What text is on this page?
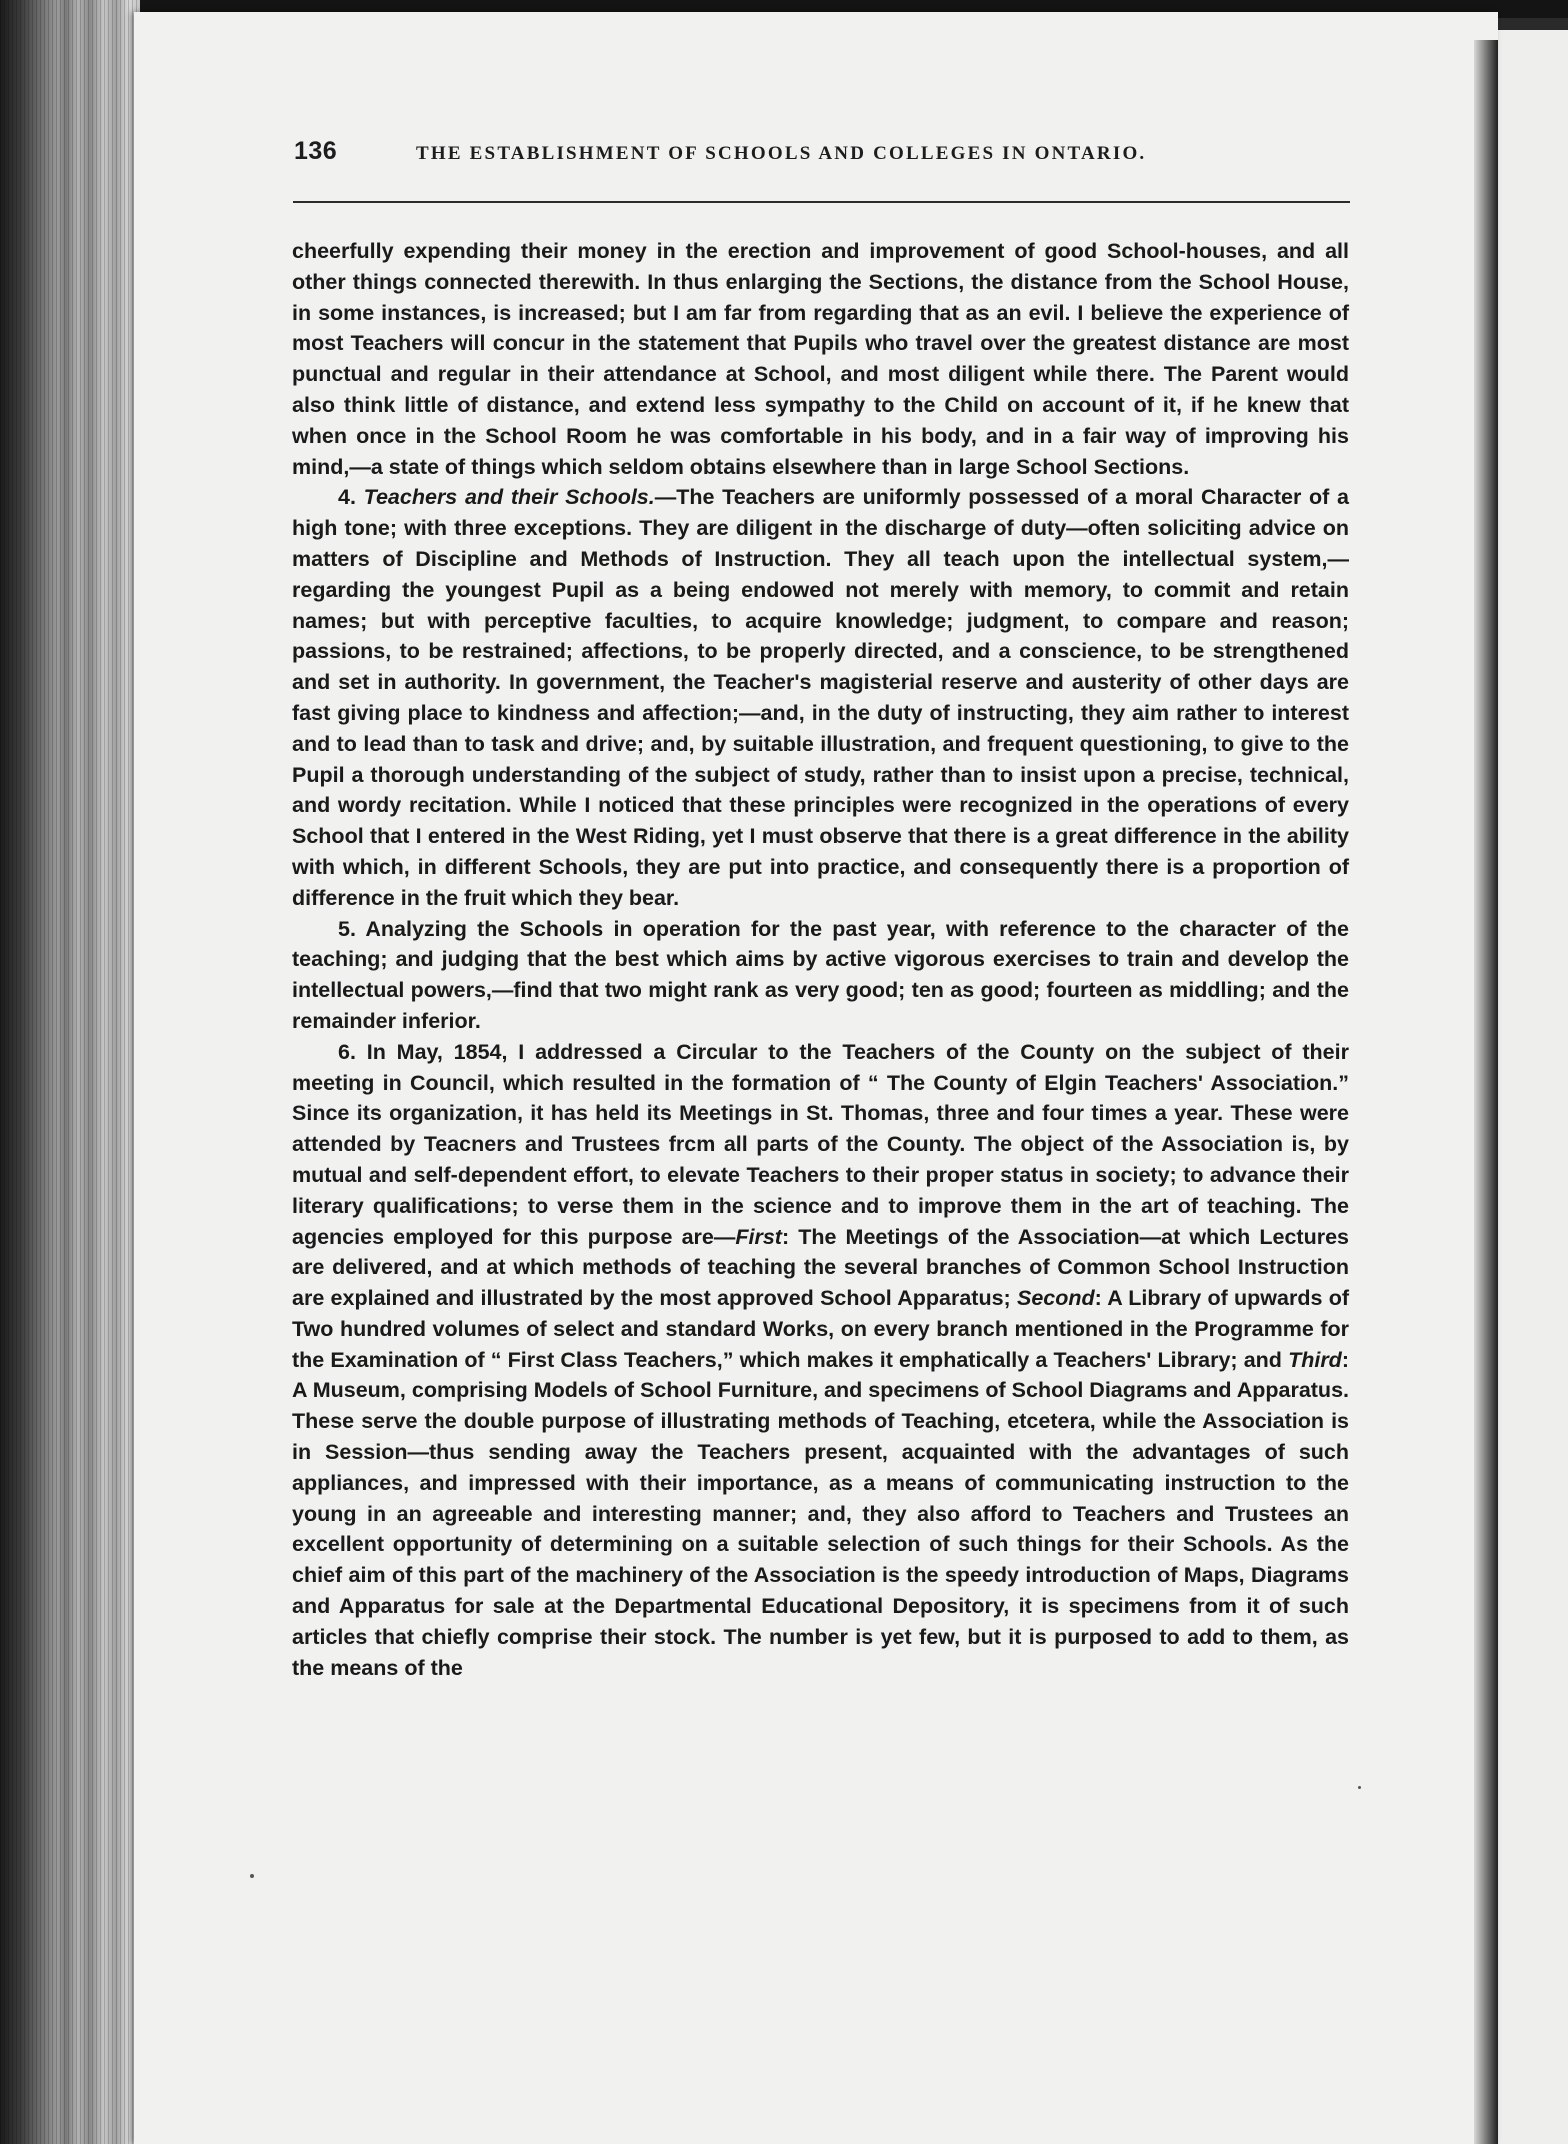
136	THE ESTABLISHMENT OF SCHOOLS AND COLLEGES IN ONTARIO.

cheerfully expending their money in the erection and improvement of good School-houses, and all other things connected therewith. In thus enlarging the Sections, the distance from the School House, in some instances, is increased; but I am far from regarding that as an evil. I believe the experience of most Teachers will concur in the statement that Pupils who travel over the greatest distance are most punctual and regular in their attendance at School, and most diligent while there. The Parent would also think little of distance, and extend less sympathy to the Child on account of it, if he knew that when once in the School Room he was comfortable in his body, and in a fair way of improving his mind,—a state of things which seldom obtains elsewhere than in large School Sections.

4. Teachers and their Schools.—The Teachers are uniformly possessed of a moral Character of a high tone; with three exceptions. They are diligent in the discharge of duty—often soliciting advice on matters of Discipline and Methods of Instruction. They all teach upon the intellectual system,—regarding the youngest Pupil as a being endowed not merely with memory, to commit and retain names; but with perceptive faculties, to acquire knowledge; judgment, to compare and reason; passions, to be restrained; affections, to be properly directed, and a conscience, to be strengthened and set in authority. In government, the Teacher's magisterial reserve and austerity of other days are fast giving place to kindness and affection;—and, in the duty of instructing, they aim rather to interest and to lead than to task and drive; and, by suitable illustration, and frequent questioning, to give to the Pupil a thorough understanding of the subject of study, rather than to insist upon a precise, technical, and wordy recitation. While I noticed that these principles were recognized in the operations of every School that I entered in the West Riding, yet I must observe that there is a great difference in the ability with which, in different Schools, they are put into practice, and consequently there is a proportion of difference in the fruit which they bear.

5. Analyzing the Schools in operation for the past year, with reference to the character of the teaching; and judging that the best which aims by active vigorous exercises to train and develop the intellectual powers,—find that two might rank as very good; ten as good; fourteen as middling; and the remainder inferior.

6. In May, 1854, I addressed a Circular to the Teachers of the County on the subject of their meeting in Council, which resulted in the formation of “ The County of Elgin Teachers' Association.” Since its organization, it has held its Meetings in St. Thomas, three and four times a year. These were attended by Teacners and Trustees frcm all parts of the County. The object of the Association is, by mutual and self-dependent effort, to elevate Teachers to their proper status in society; to advance their literary qualifications; to verse them in the science and to improve them in the art of teaching. The agencies employed for this purpose are—First: The Meetings of the Association—at which Lectures are delivered, and at which methods of teaching the several branches of Common School Instruction are explained and illustrated by the most approved School Apparatus; Second: A Library of upwards of Two hundred volumes of select and standard Works, on every branch mentioned in the Programme for the Examination of “ First Class Teachers,” which makes it emphatically a Teachers' Library; and Third: A Museum, comprising Models of School Furniture, and specimens of School Diagrams and Apparatus. These serve the double purpose of illustrating methods of Teaching, etcetera, while the Association is in Session—thus sending away the Teachers present, acquainted with the advantages of such appliances, and impressed with their importance, as a means of communicating instruction to the young in an agreeable and interesting manner; and, they also afford to Teachers and Trustees an excellent opportunity of determining on a suitable selection of such things for their Schools. As the chief aim of this part of the machinery of the Association is the speedy introduction of Maps, Diagrams and Apparatus for sale at the Departmental Educational Depository, it is specimens from it of such articles that chiefly comprise their stock. The number is yet few, but it is purposed to add to them, as the means of the
